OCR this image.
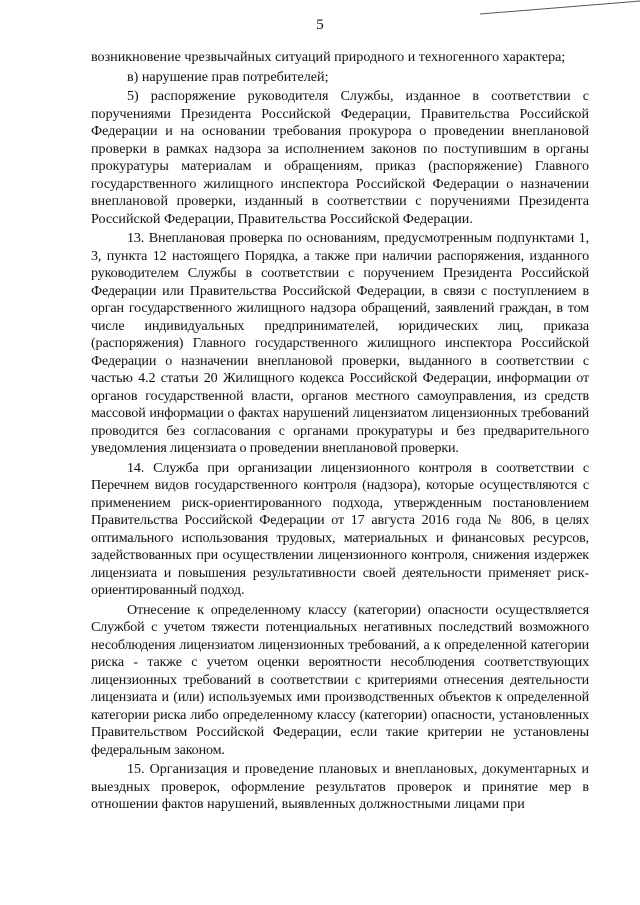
5

возникновение чрезвычайных ситуаций природного и техногенного характера;

в) нарушение прав потребителей;

5) распоряжение руководителя Службы, изданное в соответствии с поручениями Президента Российской Федерации, Правительства Российской Федерации и на основании требования прокурора о проведении внеплановой проверки в рамках надзора за исполнением законов по поступившим в органы прокуратуры материалам и обращениям, приказ (распоряжение) Главного государственного жилищного инспектора Российской Федерации о назначении внеплановой проверки, изданный в соответствии с поручениями Президента Российской Федерации, Правительства Российской Федерации.

13. Внеплановая проверка по основаниям, предусмотренным подпунктами 1, 3, пункта 12 настоящего Порядка, а также при наличии распоряжения, изданного руководителем Службы в соответствии с поручением Президента Российской Федерации или Правительства Российской Федерации, в связи с поступлением в орган государственного жилищного надзора обращений, заявлений граждан, в том числе индивидуальных предпринимателей, юридических лиц, приказа (распоряжения) Главного государственного жилищного инспектора Российской Федерации о назначении внеплановой проверки, выданного в соответствии с частью 4.2 статьи 20 Жилищного кодекса Российской Федерации, информации от органов государственной власти, органов местного самоуправления, из средств массовой информации о фактах нарушений лицензиатом лицензионных требований проводится без согласования с органами прокуратуры и без предварительного уведомления лицензиата о проведении внеплановой проверки.

14. Служба при организации лицензионного контроля в соответствии с Перечнем видов государственного контроля (надзора), которые осуществляются с применением риск-ориентированного подхода, утвержденным постановлением Правительства Российской Федерации от 17 августа 2016 года № 806, в целях оптимального использования трудовых, материальных и финансовых ресурсов, задействованных при осуществлении лицензионного контроля, снижения издержек лицензиата и повышения результативности своей деятельности применяет риск-ориентированный подход.

Отнесение к определенному классу (категории) опасности осуществляется Службой с учетом тяжести потенциальных негативных последствий возможного несоблюдения лицензиатом лицензионных требований, а к определенной категории риска - также с учетом оценки вероятности несоблюдения соответствующих лицензионных требований в соответствии с критериями отнесения деятельности лицензиата и (или) используемых ими производственных объектов к определенной категории риска либо определенному классу (категории) опасности, установленных Правительством Российской Федерации, если такие критерии не установлены федеральным законом.

15. Организация и проведение плановых и внеплановых, документарных и выездных проверок, оформление результатов проверок и принятие мер в отношении фактов нарушений, выявленных должностными лицами при
